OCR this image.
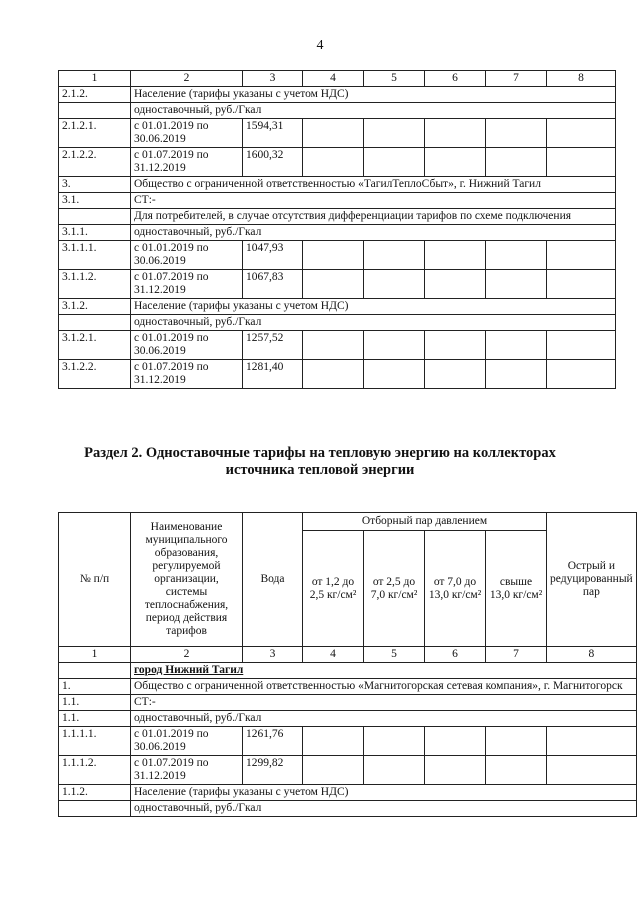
4
1	2	3	4	5	6	7	8
2.1.2.	Население (тарифы указаны с учетом НДС)						
	одноставочный, руб./Гкал						
2.1.2.1.	с 01.01.2019 по 30.06.2019	1594,31					
2.1.2.2.	с 01.07.2019 по 31.12.2019	1600,32					
3.	Общество с ограниченной ответственностью «ТагилТеплоСбыт», г. Нижний Тагил						
3.1.	СТ:-						
	Для потребителей, в случае отсутствия дифференциации тарифов по схеме подключения						
3.1.1.	одноставочный, руб./Гкал						
3.1.1.1.	с 01.01.2019 по 30.06.2019	1047,93					
3.1.1.2.	с 01.07.2019 по 31.12.2019	1067,83					
3.1.2.	Население (тарифы указаны с учетом НДС)						
	одноставочный, руб./Гкал						
3.1.2.1.	с 01.01.2019 по 30.06.2019	1257,52					
3.1.2.2.	с 01.07.2019 по 31.12.2019	1281,40					
Раздел 2. Одноставочные тарифы на тепловую энергию на коллекторах источника тепловой энергии
№ п/п	Наименование муниципального образования, регулируемой организации, системы теплоснабжения, период действия тарифов	Вода	Отборный пар давлением				Острый и редуцированный пар
			от 1,2 до 2,5 кг/см²	от 2,5 до 7,0 кг/см²	от 7,0 до 13,0 кг/см²	свыше 13,0 кг/см²	
1	2	3	4	5	6	7	8
	город Нижний Тагил						
1.	Общество с ограниченной ответственностью «Магнитогорская сетевая компания», г. Магнитогорск						
1.1.	СТ:-						
1.1.	одноставочный, руб./Гкал						
1.1.1.1.	с 01.01.2019 по 30.06.2019	1261,76					
1.1.1.2.	с 01.07.2019 по 31.12.2019	1299,82					
1.1.2.	Население (тарифы указаны с учетом НДС)						
	одноставочный, руб./Гкал						
